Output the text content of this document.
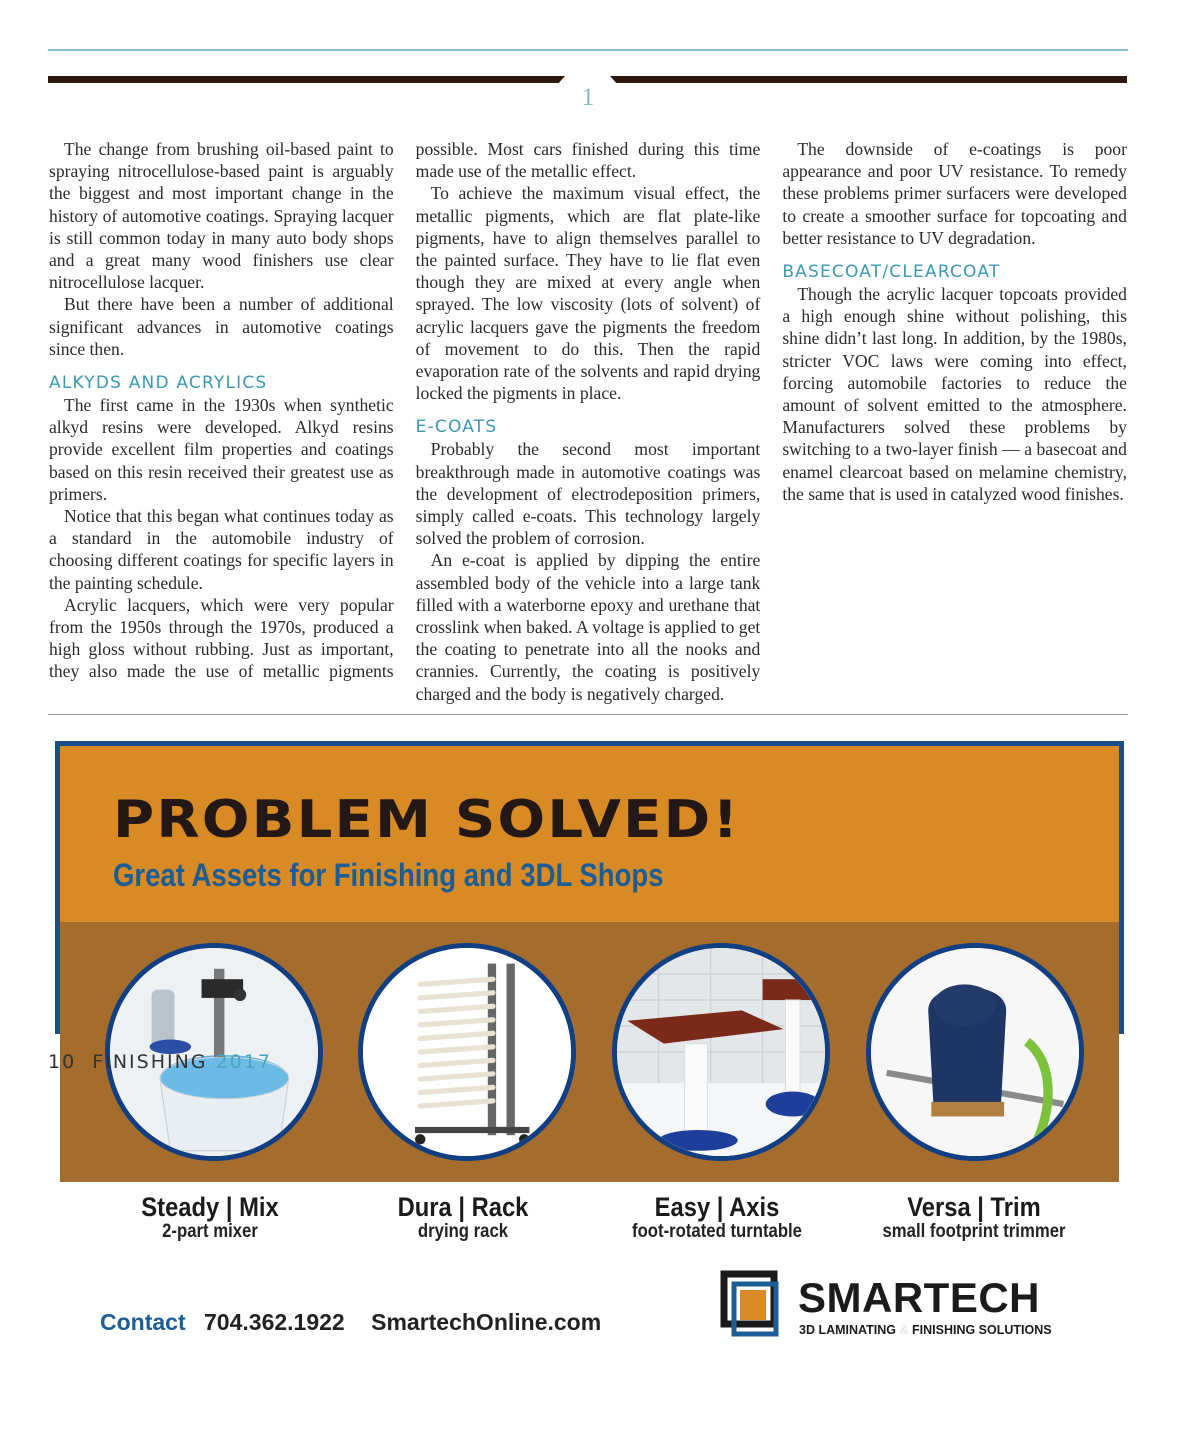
1

The change from brushing oil-based paint to spraying nitrocellulose-based paint is arguably the biggest and most important change in the history of automotive coatings. Spraying lacquer is still common today in many auto body shops and a great many wood finishers use clear nitrocellulose lacquer.

But there have been a number of additional significant advances in automotive coatings since then.

ALKYDS AND ACRYLICS

The first came in the 1930s when synthetic alkyd resins were developed. Alkyd resins provide excellent film properties and coatings based on this resin received their greatest use as primers.

Notice that this began what continues today as a standard in the automobile industry of choosing different coatings for specific layers in the painting schedule.

Acrylic lacquers, which were very popular from the 1950s through the 1970s, produced a high gloss without rubbing. Just as important, they also made the use of metallic pigments possible. Most cars finished during this time made use of the metallic effect.

To achieve the maximum visual effect, the metallic pigments, which are flat plate-like pigments, have to align themselves parallel to the painted surface. They have to lie flat even though they are mixed at every angle when sprayed. The low viscosity (lots of solvent) of acrylic lacquers gave the pigments the freedom of movement to do this. Then the rapid evaporation rate of the solvents and rapid drying locked the pigments in place.

E-COATS

Probably the second most important breakthrough made in automotive coatings was the development of electrodeposition primers, simply called e-coats. This technology largely solved the problem of corrosion.

An e-coat is applied by dipping the entire assembled body of the vehicle into a large tank filled with a waterborne epoxy and urethane that crosslink when baked. A voltage is applied to get the coating to penetrate into all the nooks and crannies. Currently, the coating is positively charged and the body is negatively charged.

The downside of e-coatings is poor appearance and poor UV resistance. To remedy these problems primer surfacers were developed to create a smoother surface for topcoating and better resistance to UV degradation.

BASECOAT/CLEARCOAT

Though the acrylic lacquer topcoats provided a high enough shine without polishing, this shine didn’t last long. In addition, by the 1980s, stricter VOC laws were coming into effect, forcing automobile factories to reduce the amount of solvent emitted to the atmosphere. Manufacturers solved these problems by switching to a two-layer finish — a basecoat and enamel clearcoat based on melamine chemistry, the same that is used in catalyzed wood finishes.

PROBLEM SOLVED!
Great Assets for Finishing and 3DL Shops
Steady | Mix
2-part mixer
Dura | Rack
drying rack
Easy | Axis
foot-rotated turntable
Versa | Trim
small footprint trimmer
Contact 704.362.1922 SmartechOnline.com
SMARTECH
3D LAMINATING & FINISHING SOLUTIONS
10 FINISHING 2017
